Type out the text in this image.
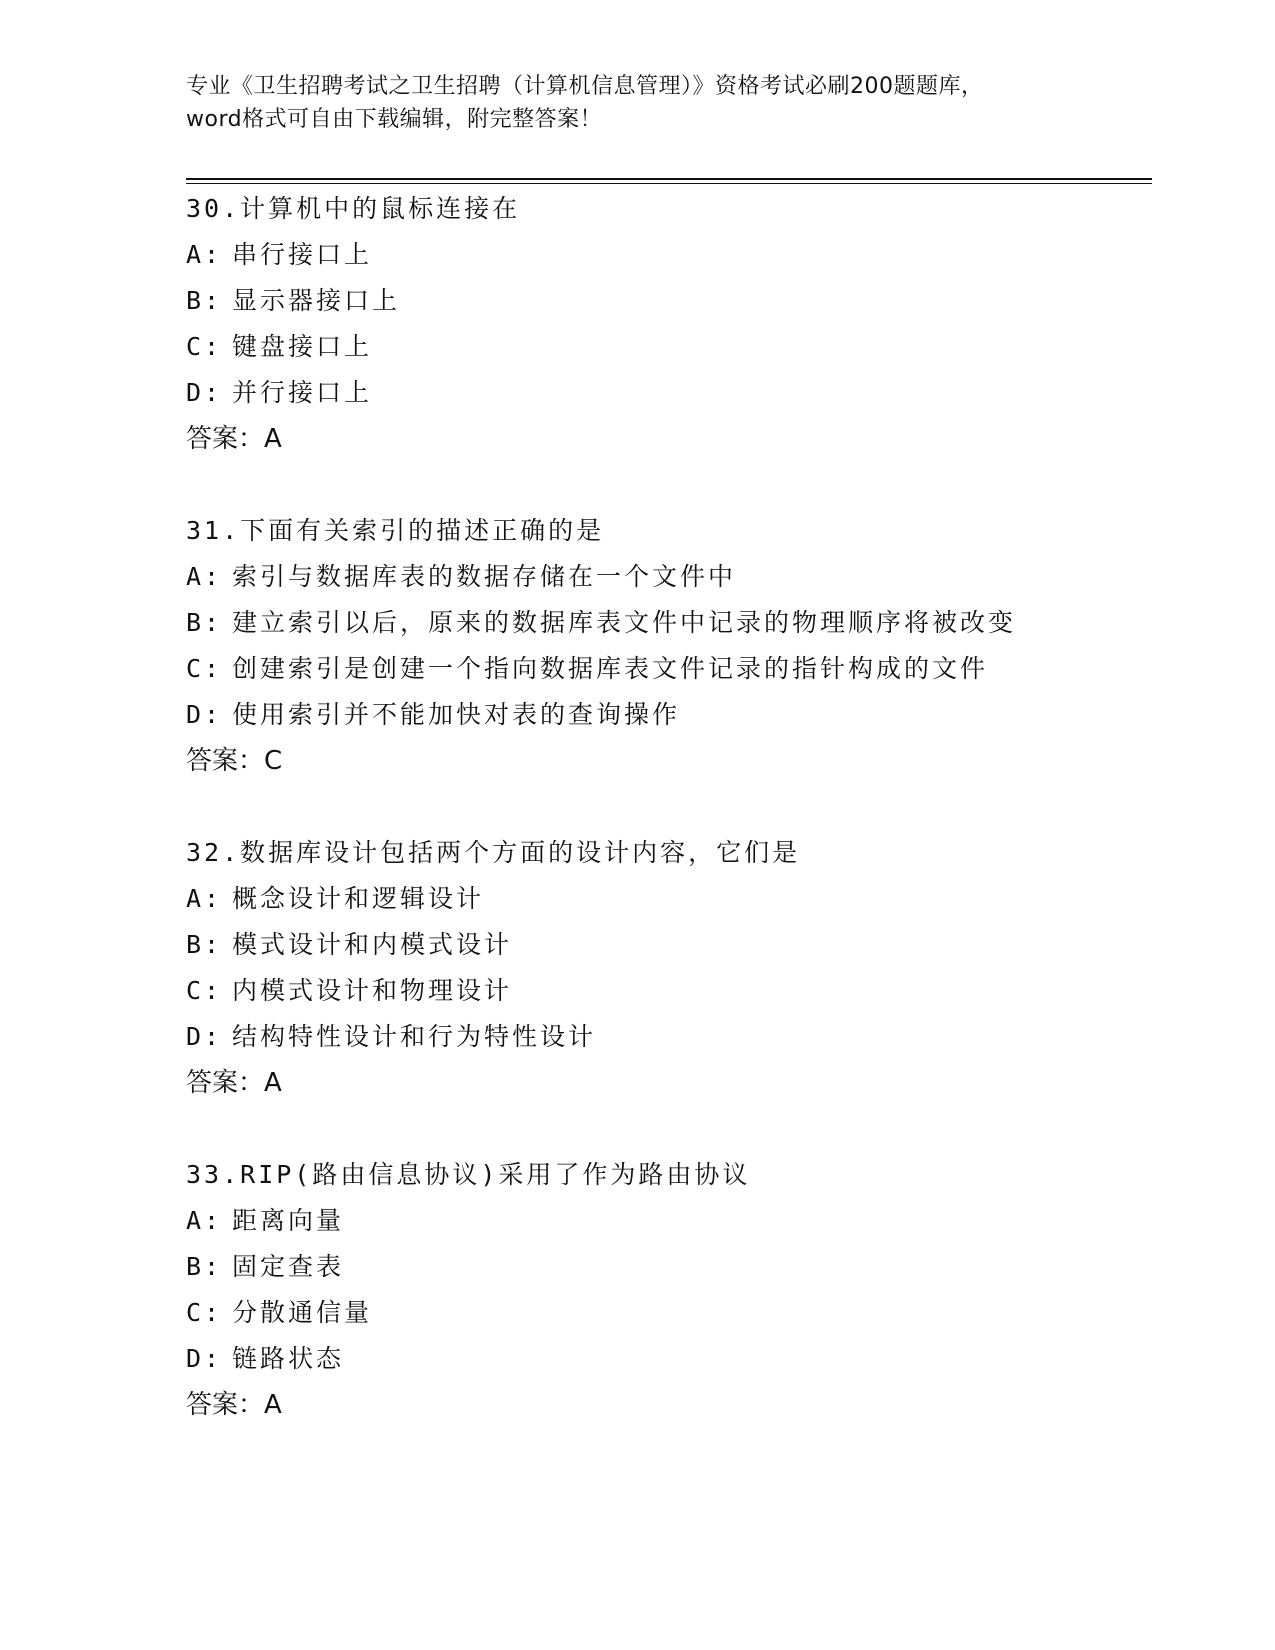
专业《卫生招聘考试之卫生招聘（计算机信息管理）》资格考试必刷200题题库，
word格式可自由下载编辑，附完整答案！
30.计算机中的鼠标连接在
A: 串行接口上
B: 显示器接口上
C: 键盘接口上
D: 并行接口上
答案：A
31.下面有关索引的描述正确的是
A: 索引与数据库表的数据存储在一个文件中
B: 建立索引以后，原来的数据库表文件中记录的物理顺序将被改变
C: 创建索引是创建一个指向数据库表文件记录的指针构成的文件
D: 使用索引并不能加快对表的查询操作
答案：C
32.数据库设计包括两个方面的设计内容，它们是
A: 概念设计和逻辑设计
B: 模式设计和内模式设计
C: 内模式设计和物理设计
D: 结构特性设计和行为特性设计
答案：A
33.RIP(路由信息协议)采用了作为路由协议
A: 距离向量
B: 固定查表
C: 分散通信量
D: 链路状态
答案：A
